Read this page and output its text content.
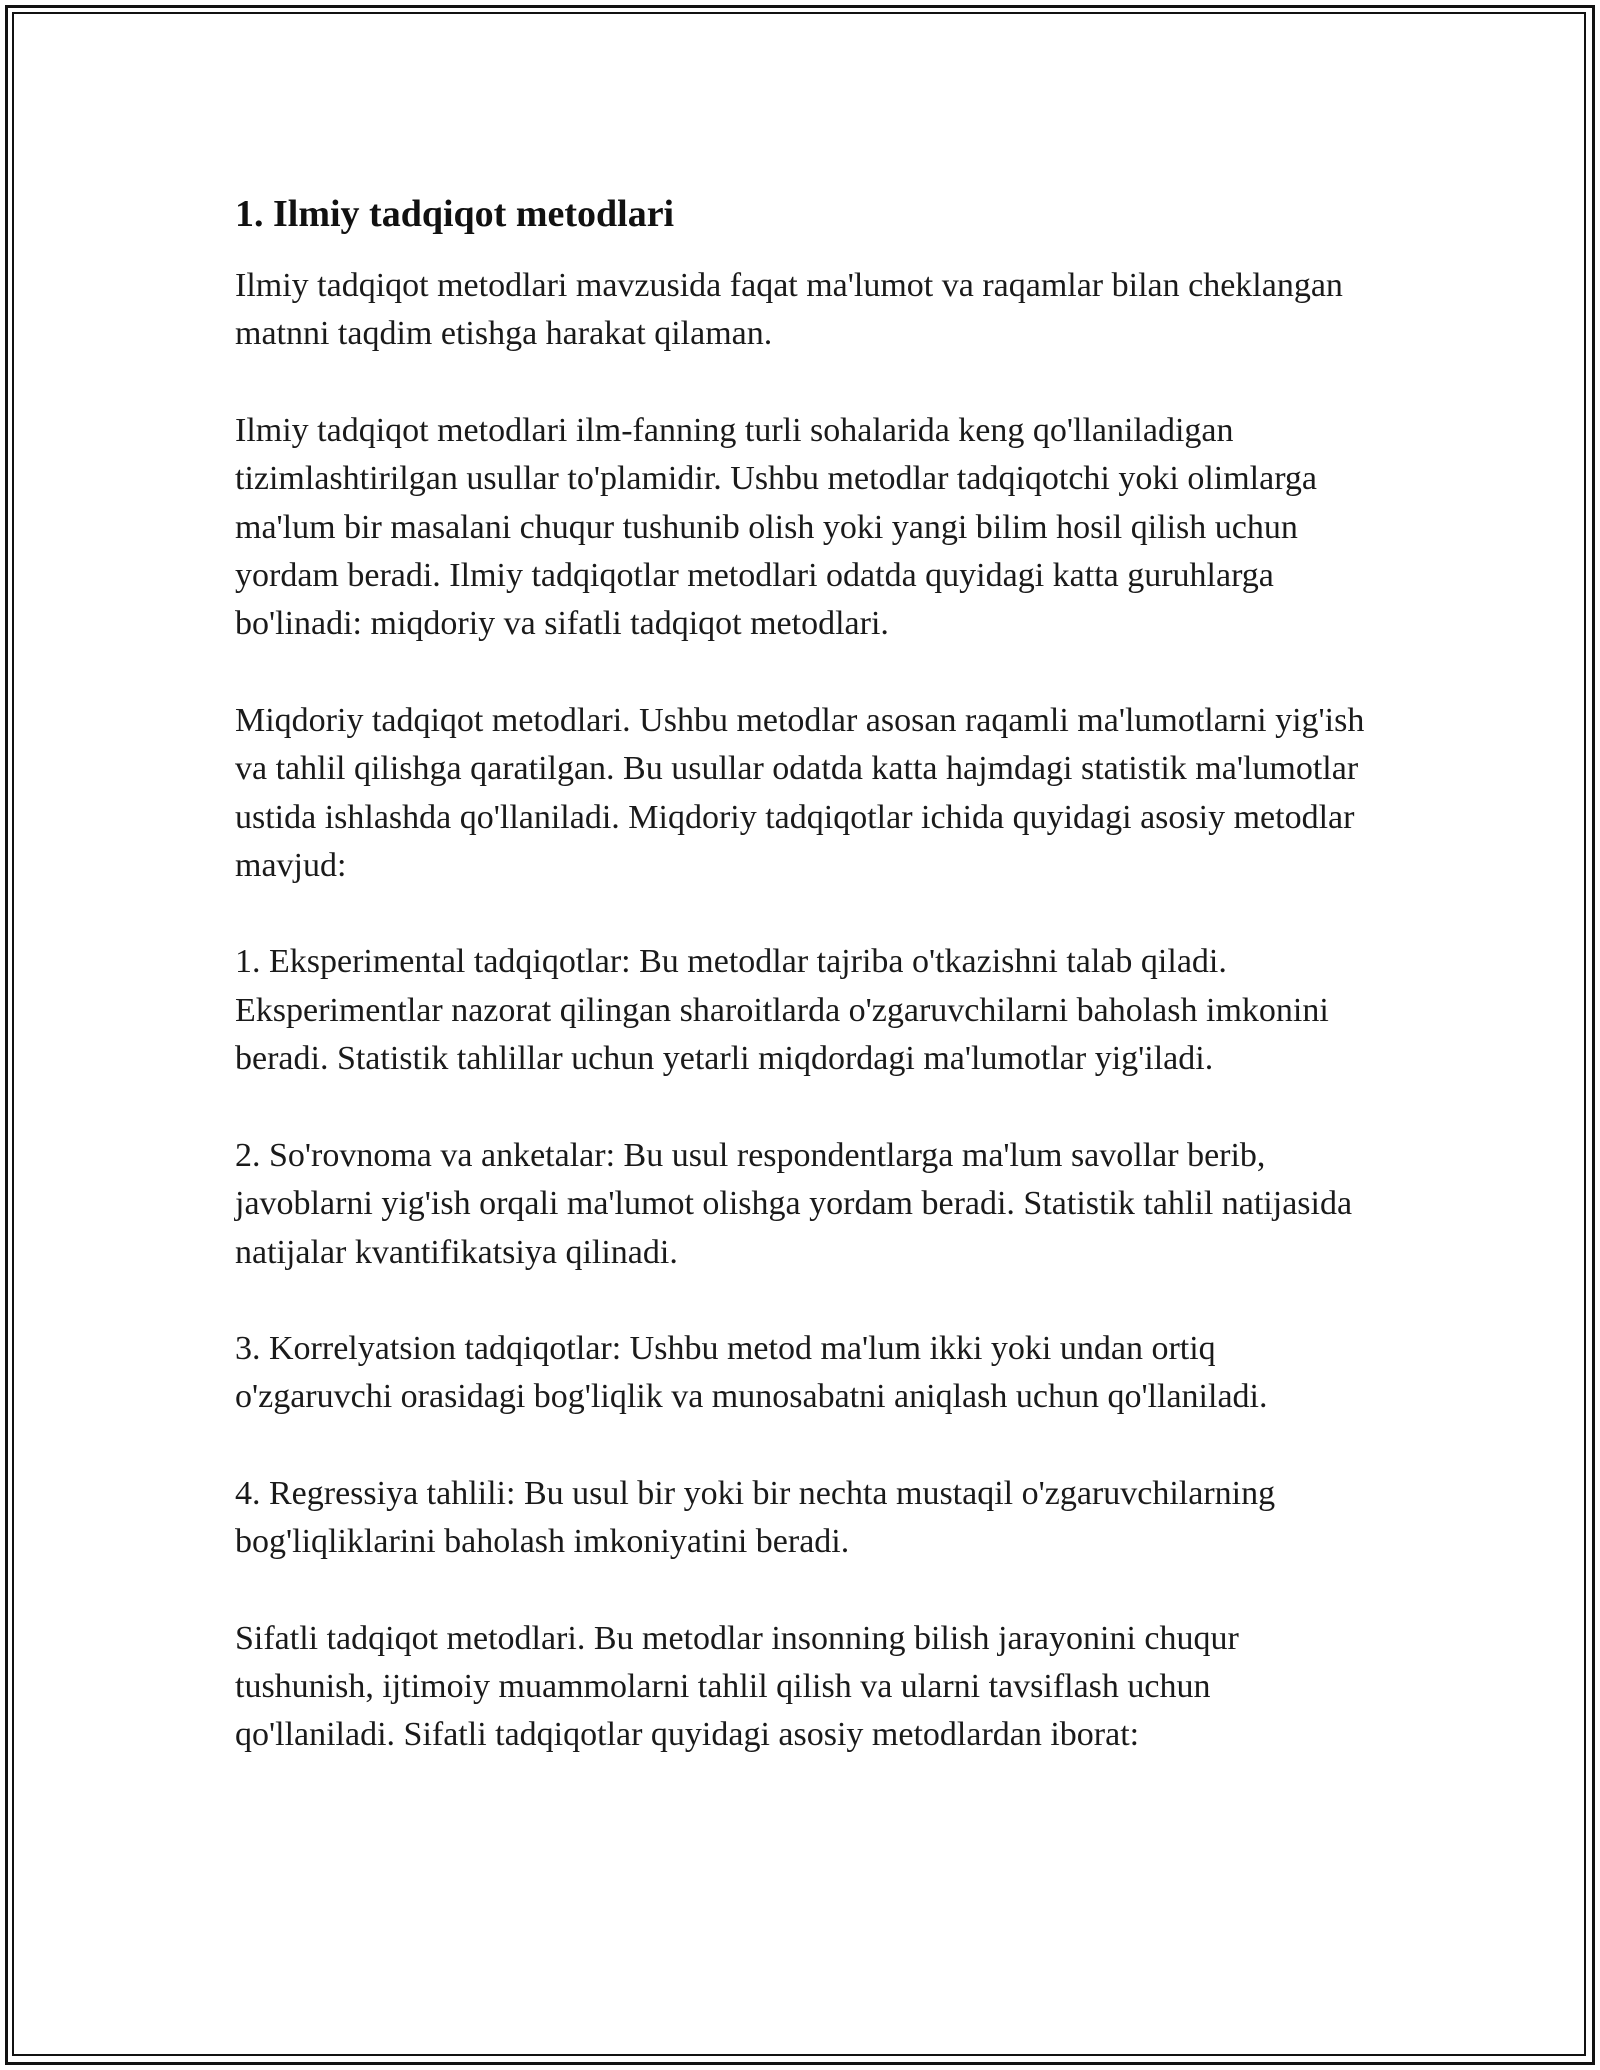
1. Ilmiy tadqiqot metodlari

Ilmiy tadqiqot metodlari mavzusida faqat ma'lumot va raqamlar bilan cheklangan matnni taqdim etishga harakat qilaman.

Ilmiy tadqiqot metodlari ilm-fanning turli sohalarida keng qo'llaniladigan tizimlashtirilgan usullar to'plamidir. Ushbu metodlar tadqiqotchi yoki olimlarga ma'lum bir masalani chuqur tushunib olish yoki yangi bilim hosil qilish uchun yordam beradi. Ilmiy tadqiqotlar metodlari odatda quyidagi katta guruhlarga bo'linadi: miqdoriy va sifatli tadqiqot metodlari.

Miqdoriy tadqiqot metodlari. Ushbu metodlar asosan raqamli ma'lumotlarni yig'ish va tahlil qilishga qaratilgan. Bu usullar odatda katta hajmdagi statistik ma'lumotlar ustida ishlashda qo'llaniladi. Miqdoriy tadqiqotlar ichida quyidagi asosiy metodlar mavjud:

1. Eksperimental tadqiqotlar: Bu metodlar tajriba o'tkazishni talab qiladi. Eksperimentlar nazorat qilingan sharoitlarda o'zgaruvchilarni baholash imkonini beradi. Statistik tahlillar uchun yetarli miqdordagi ma'lumotlar yig'iladi.

2. So'rovnoma va anketalar: Bu usul respondentlarga ma'lum savollar berib, javoblarni yig'ish orqali ma'lumot olishga yordam beradi. Statistik tahlil natijasida natijalar kvantifikatsiya qilinadi.

3. Korrelyatsion tadqiqotlar: Ushbu metod ma'lum ikki yoki undan ortiq o'zgaruvchi orasidagi bog'liqlik va munosabatni aniqlash uchun qo'llaniladi.

4. Regressiya tahlili: Bu usul bir yoki bir nechta mustaqil o'zgaruvchilarning bog'liqliklarini baholash imkoniyatini beradi.

Sifatli tadqiqot metodlari. Bu metodlar insonning bilish jarayonini chuqur tushunish, ijtimoiy muammolarni tahlil qilish va ularni tavsiflash uchun qo'llaniladi. Sifatli tadqiqotlar quyidagi asosiy metodlardan iborat:
